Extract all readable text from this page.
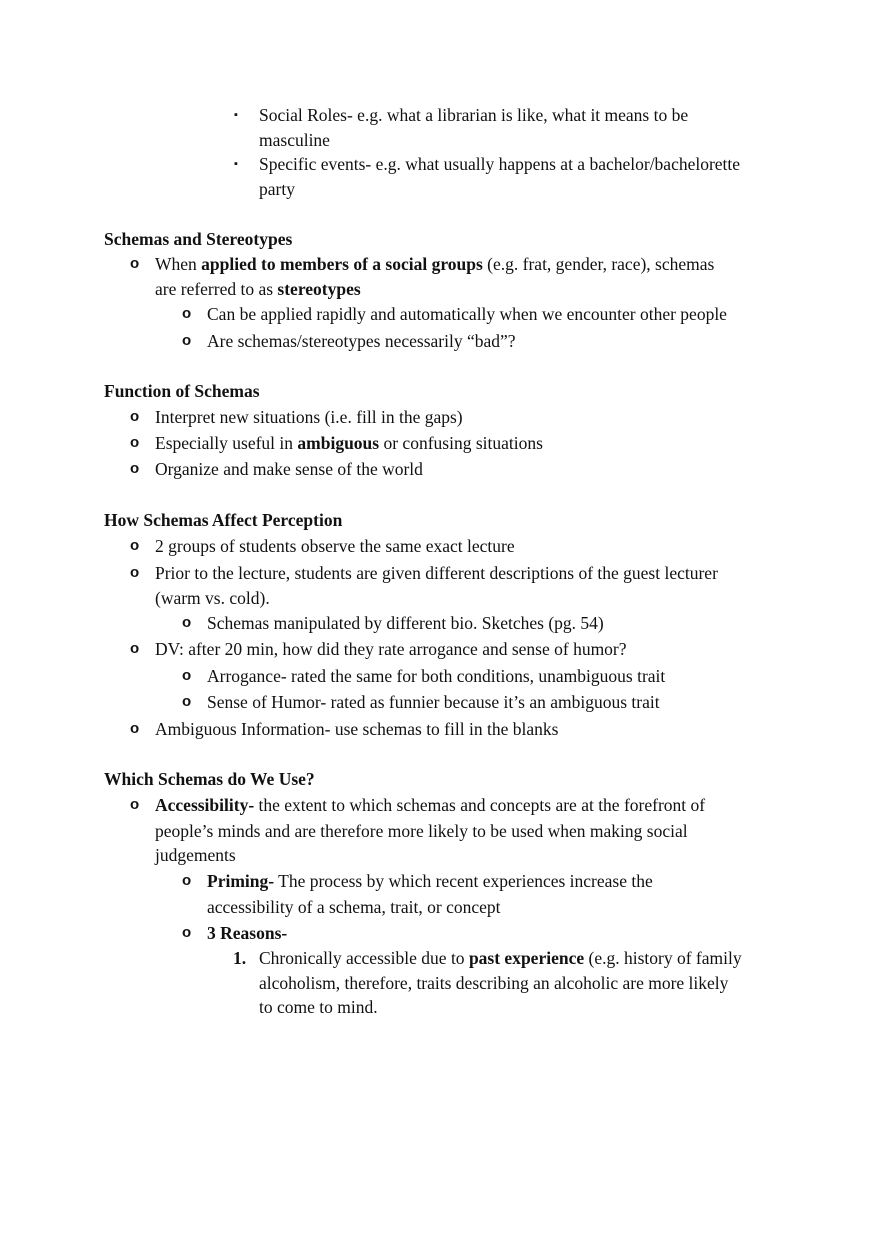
▪ Social Roles- e.g. what a librarian is like, what it means to be
masculine
▪ Specific events- e.g. what usually happens at a bachelor/bachelorette
party
Schemas and Stereotypes
o When applied to members of a social groups (e.g. frat, gender, race), schemas
are referred to as stereotypes
o Can be applied rapidly and automatically when we encounter other people
o Are schemas/stereotypes necessarily “bad”?
Function of Schemas
o Interpret new situations (i.e. fill in the gaps)
o Especially useful in ambiguous or confusing situations
o Organize and make sense of the world
How Schemas Affect Perception
o 2 groups of students observe the same exact lecture
o Prior to the lecture, students are given different descriptions of the guest lecturer
(warm vs. cold).
o Schemas manipulated by different bio. Sketches (pg. 54)
o DV: after 20 min, how did they rate arrogance and sense of humor?
o Arrogance- rated the same for both conditions, unambiguous trait
o Sense of Humor- rated as funnier because it’s an ambiguous trait
o Ambiguous Information- use schemas to fill in the blanks
Which Schemas do We Use?
o Accessibility- the extent to which schemas and concepts are at the forefront of
people’s minds and are therefore more likely to be used when making social
judgements
o Priming- The process by which recent experiences increase the
accessibility of a schema, trait, or concept
o 3 Reasons-
1. Chronically accessible due to past experience (e.g. history of family
alcoholism, therefore, traits describing an alcoholic are more likely
to come to mind.
